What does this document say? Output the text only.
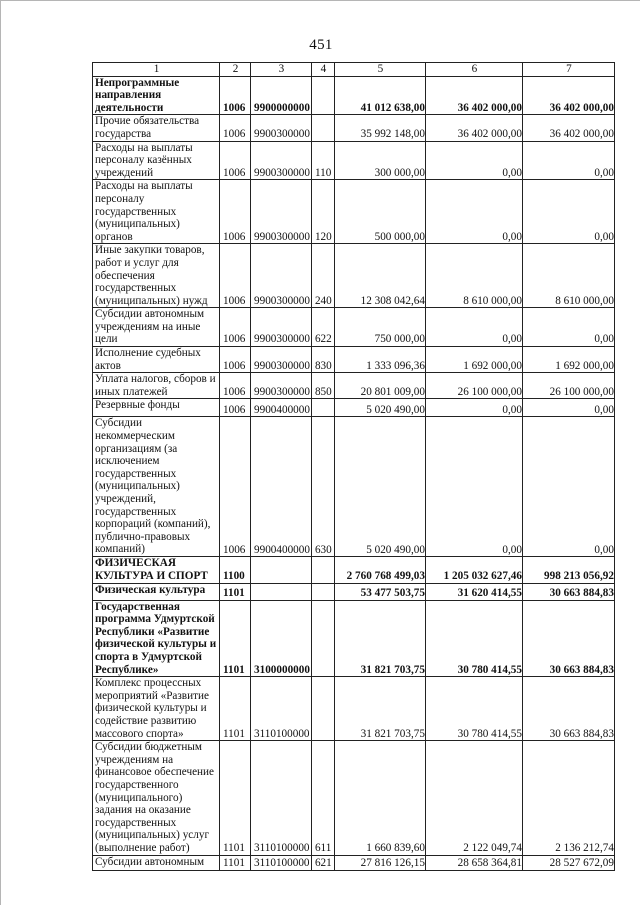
451
1	2	3	4	5	6	7
Непрограммные направления деятельности	1006	9900000000		41 012 638,00	36 402 000,00	36 402 000,00
Прочие обязательства государства	1006	9900300000		35 992 148,00	36 402 000,00	36 402 000,00
Расходы на выплаты персоналу казённых учреждений	1006	9900300000	110	300 000,00	0,00	0,00
Расходы на выплаты персоналу государственных (муниципальных) органов	1006	9900300000	120	500 000,00	0,00	0,00
Иные закупки товаров, работ и услуг для обеспечения государственных (муниципальных) нужд	1006	9900300000	240	12 308 042,64	8 610 000,00	8 610 000,00
Субсидии автономным учреждениям на иные цели	1006	9900300000	622	750 000,00	0,00	0,00
Исполнение судебных актов	1006	9900300000	830	1 333 096,36	1 692 000,00	1 692 000,00
Уплата налогов, сборов и иных платежей	1006	9900300000	850	20 801 009,00	26 100 000,00	26 100 000,00
Резервные фонды	1006	9900400000		5 020 490,00	0,00	0,00
Субсидии некоммерческим организациям (за исключением государственных (муниципальных) учреждений, государственных корпораций (компаний), публично-правовых компаний)	1006	9900400000	630	5 020 490,00	0,00	0,00
ФИЗИЧЕСКАЯ КУЛЬТУРА И СПОРТ	1100			2 760 768 499,03	1 205 032 627,46	998 213 056,92
Физическая культура	1101			53 477 503,75	31 620 414,55	30 663 884,83
Государственная программа Удмуртской Республики «Развитие физической культуры и спорта в Удмуртской Республике»	1101	3100000000		31 821 703,75	30 780 414,55	30 663 884,83
Комплекс процессных мероприятий «Развитие физической культуры и содействие развитию массового спорта»	1101	3110100000		31 821 703,75	30 780 414,55	30 663 884,83
Субсидии бюджетным учреждениям на финансовое обеспечение государственного (муниципального) задания на оказание государственных (муниципальных) услуг (выполнение работ)	1101	3110100000	611	1 660 839,60	2 122 049,74	2 136 212,74
Субсидии автономным	1101	3110100000	621	27 816 126,15	28 658 364,81	28 527 672,09
